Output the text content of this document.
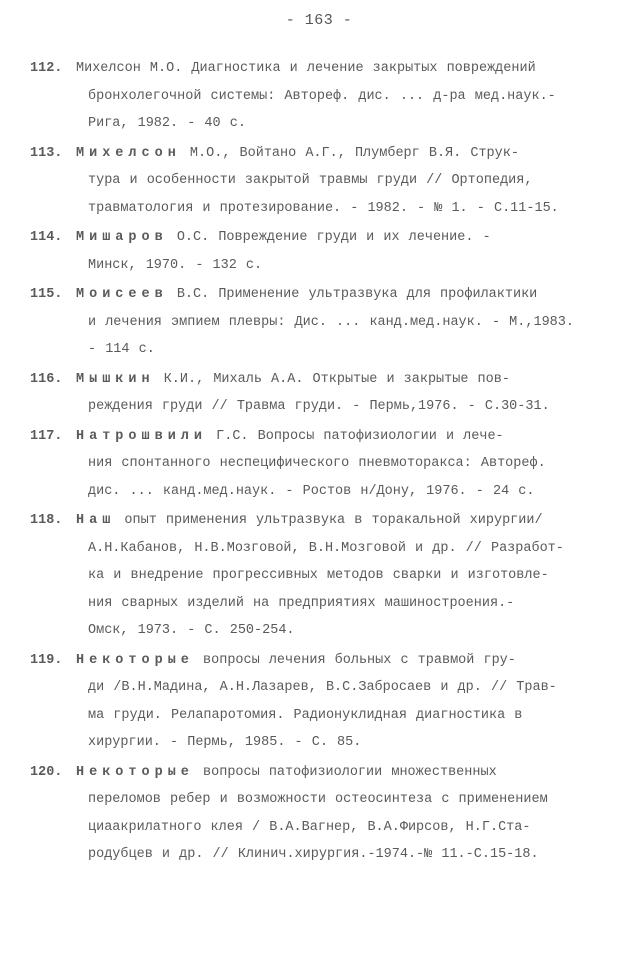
- 163 -
112.	Михелсон М.О. Диагностика и лечение закрытых повреждений
бронхолегочной системы: Автореф. дис. ... д-ра мед.наук.-
Рига, 1982. - 40 с.
113.	Михелсон М.О., Войтано А.Г., Плумберг В.Я. Струк-
тура и особенности закрытой травмы груди // Ортопедия,
травматология и протезирование. - 1982. - № 1. - С.11-15.
114.	Мишаров О.С. Повреждение груди и их лечение. -
Минск, 1970. - 132 с.
115.	Моисеев В.С. Применение ультразвука для профилактики
и лечения эмпием плевры: Дис. ... канд.мед.наук. - М.,1983.
- 114 с.
116.	Мышкин К.И., Михаль А.А. Открытые и закрытые пов-
реждения груди // Травма груди. - Пермь,1976. - С.30-31.
117.	Натрошвили Г.С. Вопросы патофизиологии и лече-
ния спонтанного неспецифического пневмоторакса: Автореф.
дис. ... канд.мед.наук. - Ростов н/Дону, 1976. - 24 с.
118.	Наш опыт применения ультразвука в торакальной хирургии/
А.Н.Кабанов, Н.В.Мозговой, В.Н.Мозговой и др. // Разработ-
ка и внедрение прогрессивных методов сварки и изготовле-
ния сварных изделий на предприятиях машиностроения.-
Омск, 1973. - С. 250-254.
119.	Некоторые вопросы лечения больных с травмой гру-
ди /В.Н.Мадина, А.Н.Лазарев, В.С.Забросаев и др. // Трав-
ма груди. Релапаротомия. Радионуклидная диагностика в
хирургии. - Пермь, 1985. - С. 85.
120.	Некоторые вопросы патофизиологии множественных
переломов ребер и возможности остеосинтеза с применением
циаакрилатного клея / В.А.Вагнер, В.А.Фирсов, Н.Г.Ста-
родубцев и др. // Клинич.хирургия.-1974.-№ 11.-С.15-18.
